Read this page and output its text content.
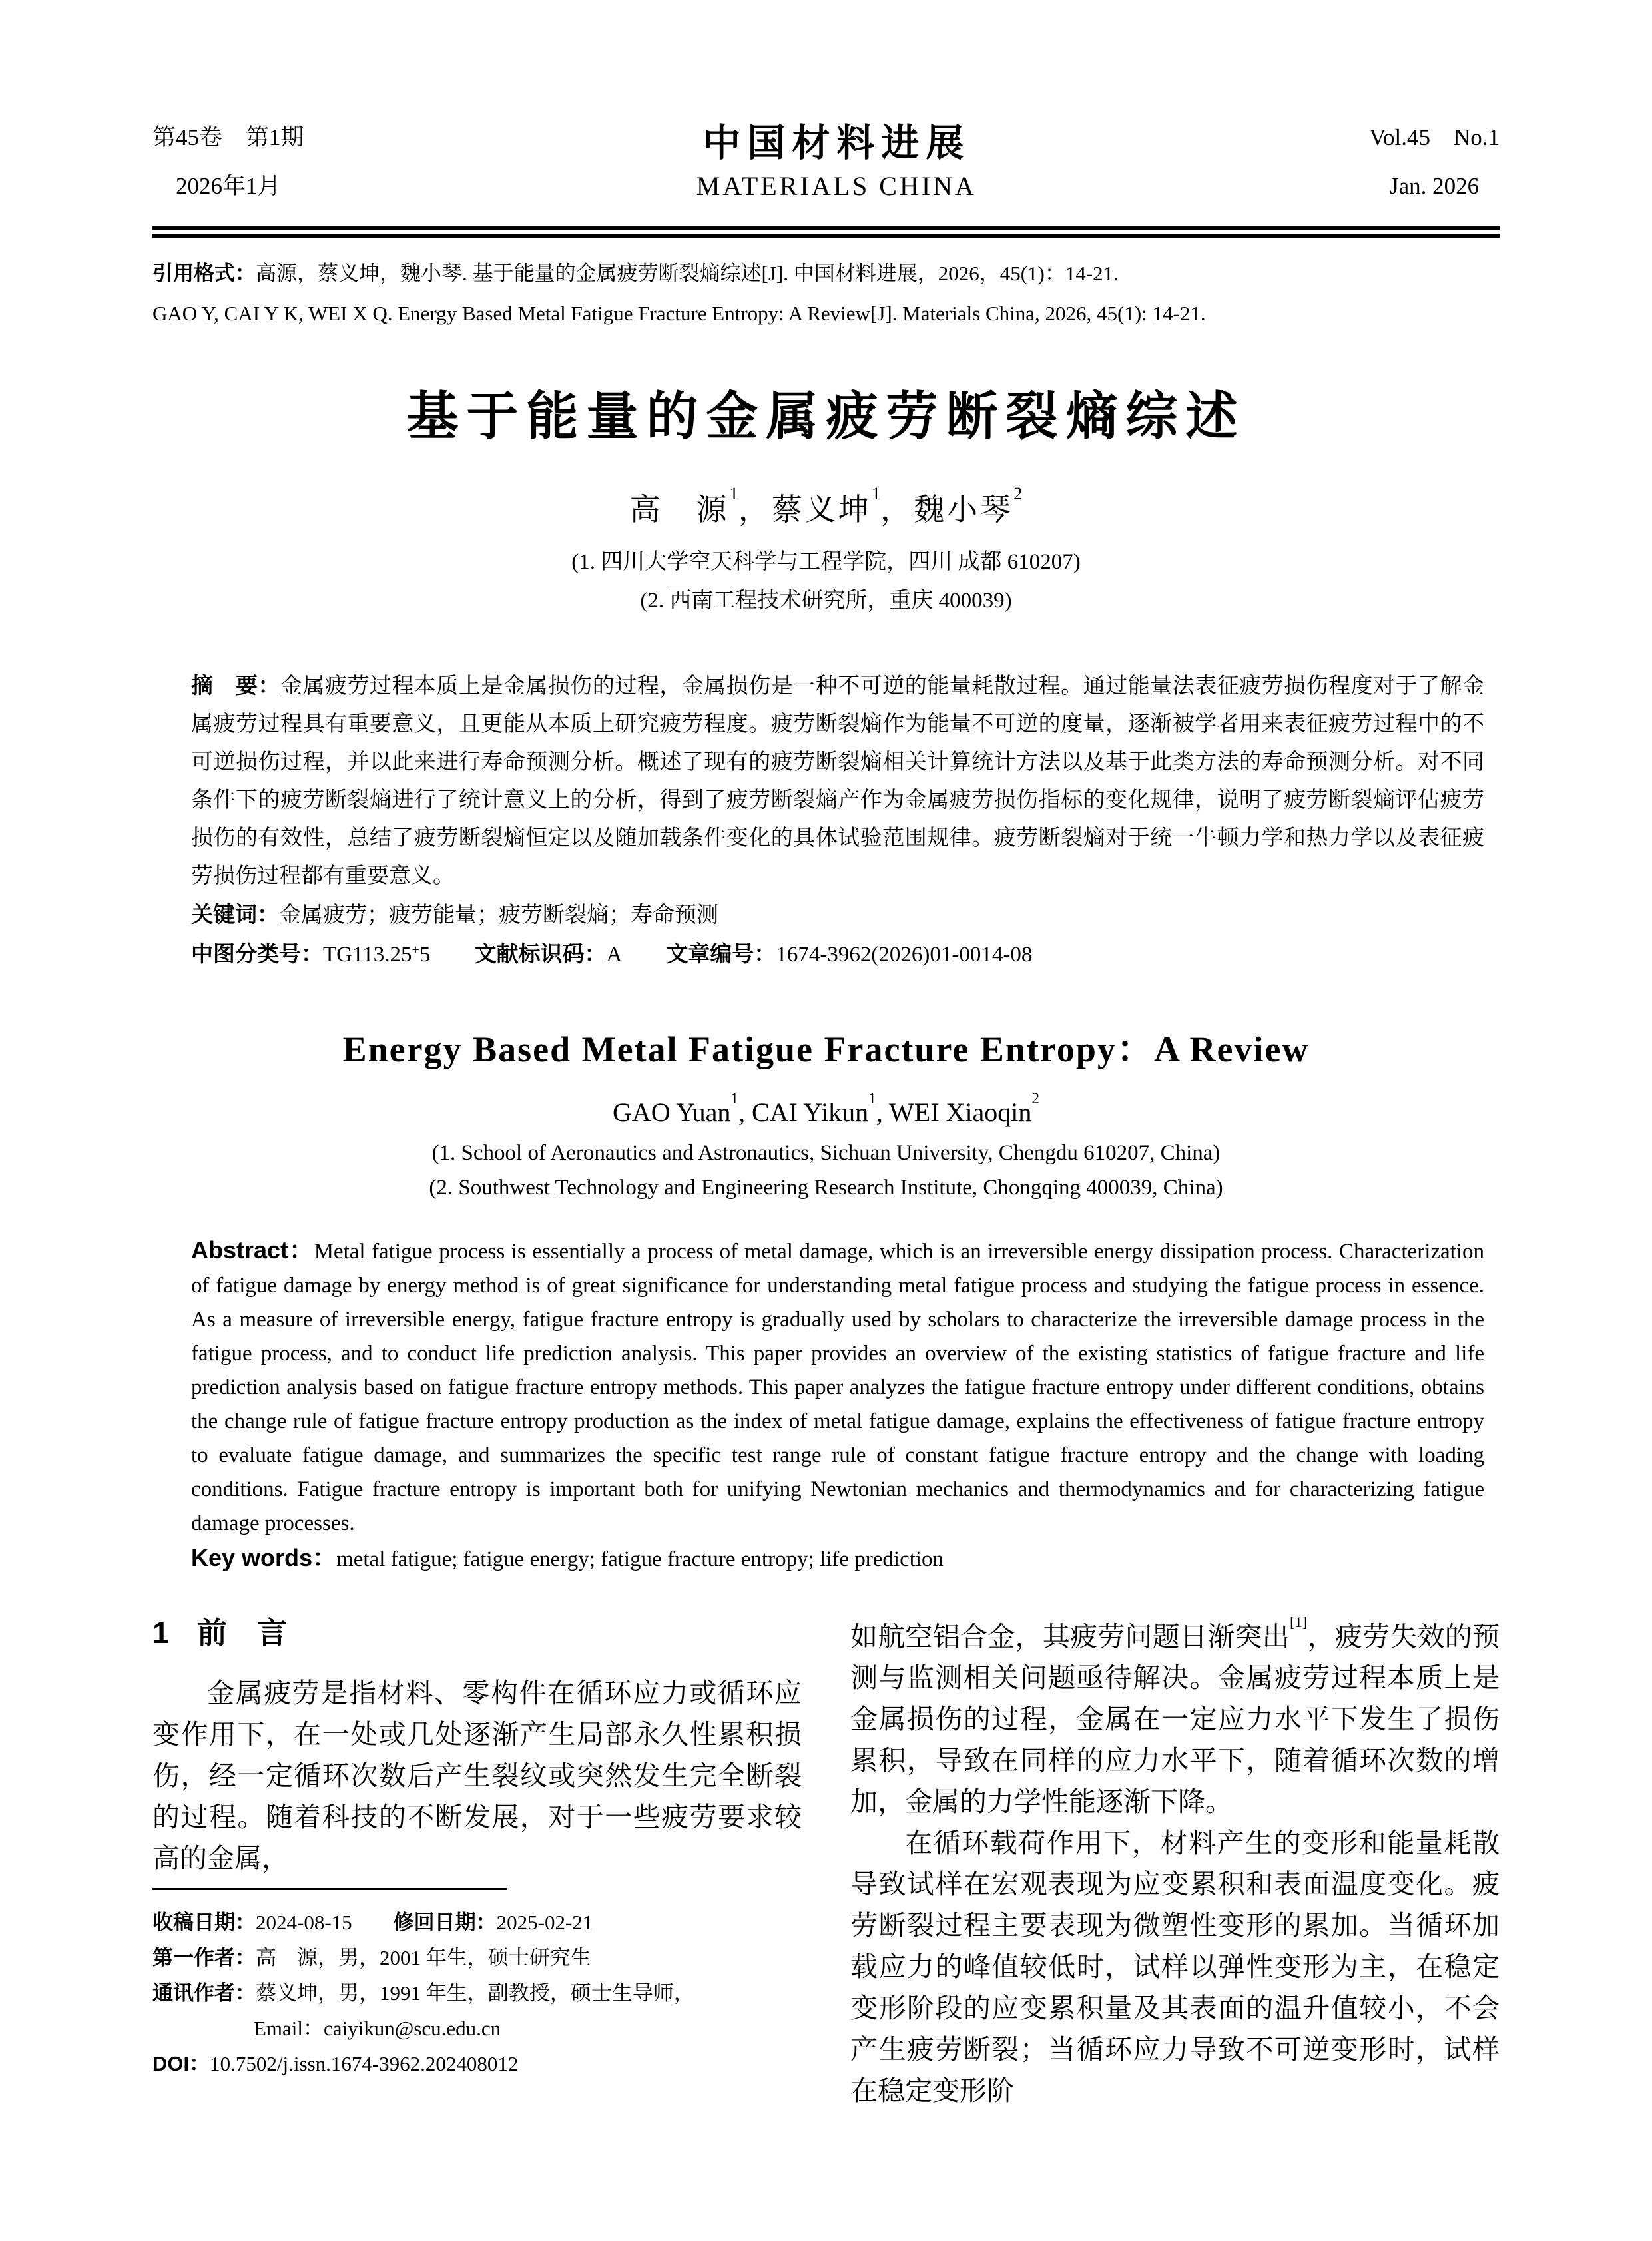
第45卷　第1期
2026年1月
中国材料进展
MATERIALS CHINA
Vol.45　No.1
Jan. 2026

引用格式：高源，蔡义坤，魏小琴. 基于能量的金属疲劳断裂熵综述[J]. 中国材料进展，2026，45(1)：14-21.

GAO Y, CAI Y K, WEI X Q. Energy Based Metal Fatigue Fracture Entropy: A Review[J]. Materials China, 2026, 45(1): 14-21.

基于能量的金属疲劳断裂熵综述
高　源$^1$，蔡义坤$^1$，魏小琴$^2$
(1. 四川大学空天科学与工程学院，四川 成都 610207)
(2. 西南工程技术研究所，重庆 400039)

摘　要：金属疲劳过程本质上是金属损伤的过程，金属损伤是一种不可逆的能量耗散过程。通过能量法表征疲劳损伤程度对于了解金属疲劳过程具有重要意义，且更能从本质上研究疲劳程度。疲劳断裂熵作为能量不可逆的度量，逐渐被学者用来表征疲劳过程中的不可逆损伤过程，并以此来进行寿命预测分析。概述了现有的疲劳断裂熵相关计算统计方法以及基于此类方法的寿命预测分析。对不同条件下的疲劳断裂熵进行了统计意义上的分析，得到了疲劳断裂熵产作为金属疲劳损伤指标的变化规律，说明了疲劳断裂熵评估疲劳损伤的有效性，总结了疲劳断裂熵恒定以及随加载条件变化的具体试验范围规律。疲劳断裂熵对于统一牛顿力学和热力学以及表征疲劳损伤过程都有重要意义。

关键词：金属疲劳；疲劳能量；疲劳断裂熵；寿命预测

中图分类号：TG113.25+5 文献标识码：A 文章编号：1674-3962(2026)01-0014-08

Energy Based Metal Fatigue Fracture Entropy：A Review
GAO Yuan$^1$, CAI Yikun$^1$, WEI Xiaoqin$^2$
(1. School of Aeronautics and Astronautics, Sichuan University, Chengdu 610207, China)
(2. Southwest Technology and Engineering Research Institute, Chongqing 400039, China)

Abstract：Metal fatigue process is essentially a process of metal damage, which is an irreversible energy dissipation process. Characterization of fatigue damage by energy method is of great significance for understanding metal fatigue process and studying the fatigue process in essence. As a measure of irreversible energy, fatigue fracture entropy is gradually used by scholars to characterize the irreversible damage process in the fatigue process, and to conduct life prediction analysis. This paper provides an overview of the existing statistics of fatigue fracture and life prediction analysis based on fatigue fracture entropy methods. This paper analyzes the fatigue fracture entropy under different conditions, obtains the change rule of fatigue fracture entropy production as the index of metal fatigue damage, explains the effectiveness of fatigue fracture entropy to evaluate fatigue damage, and summarizes the specific test range rule of constant fatigue fracture entropy and the change with loading conditions. Fatigue fracture entropy is important both for unifying Newtonian mechanics and thermodynamics and for characterizing fatigue damage processes.

Key words：metal fatigue; fatigue energy; fatigue fracture entropy; life prediction

1 前　言

金属疲劳是指材料、零构件在循环应力或循环应变作用下，在一处或几处逐渐产生局部永久性累积损伤，经一定循环次数后产生裂纹或突然发生完全断裂的过程。随着科技的不断发展，对于一些疲劳要求较高的金属，

收稿日期：2024-08-15 修回日期：2025-02-21

第一作者：高　源，男，2001 年生，硕士研究生

通讯作者：蔡义坤，男，1991 年生，副教授，硕士生导师，

Email：caiyikun@scu.edu.cn

DOI：10.7502/j.issn.1674-3962.202408012

如航空铝合金，其疲劳问题日渐突出[1]，疲劳失效的预测与监测相关问题亟待解决。金属疲劳过程本质上是金属损伤的过程，金属在一定应力水平下发生了损伤累积，导致在同样的应力水平下，随着循环次数的增加，金属的力学性能逐渐下降。

在循环载荷作用下，材料产生的变形和能量耗散导致试样在宏观表现为应变累积和表面温度变化。疲劳断裂过程主要表现为微塑性变形的累加。当循环加载应力的峰值较低时，试样以弹性变形为主，在稳定变形阶段的应变累积量及其表面的温升值较小，不会产生疲劳断裂；当循环应力导致不可逆变形时，试样在稳定变形阶
